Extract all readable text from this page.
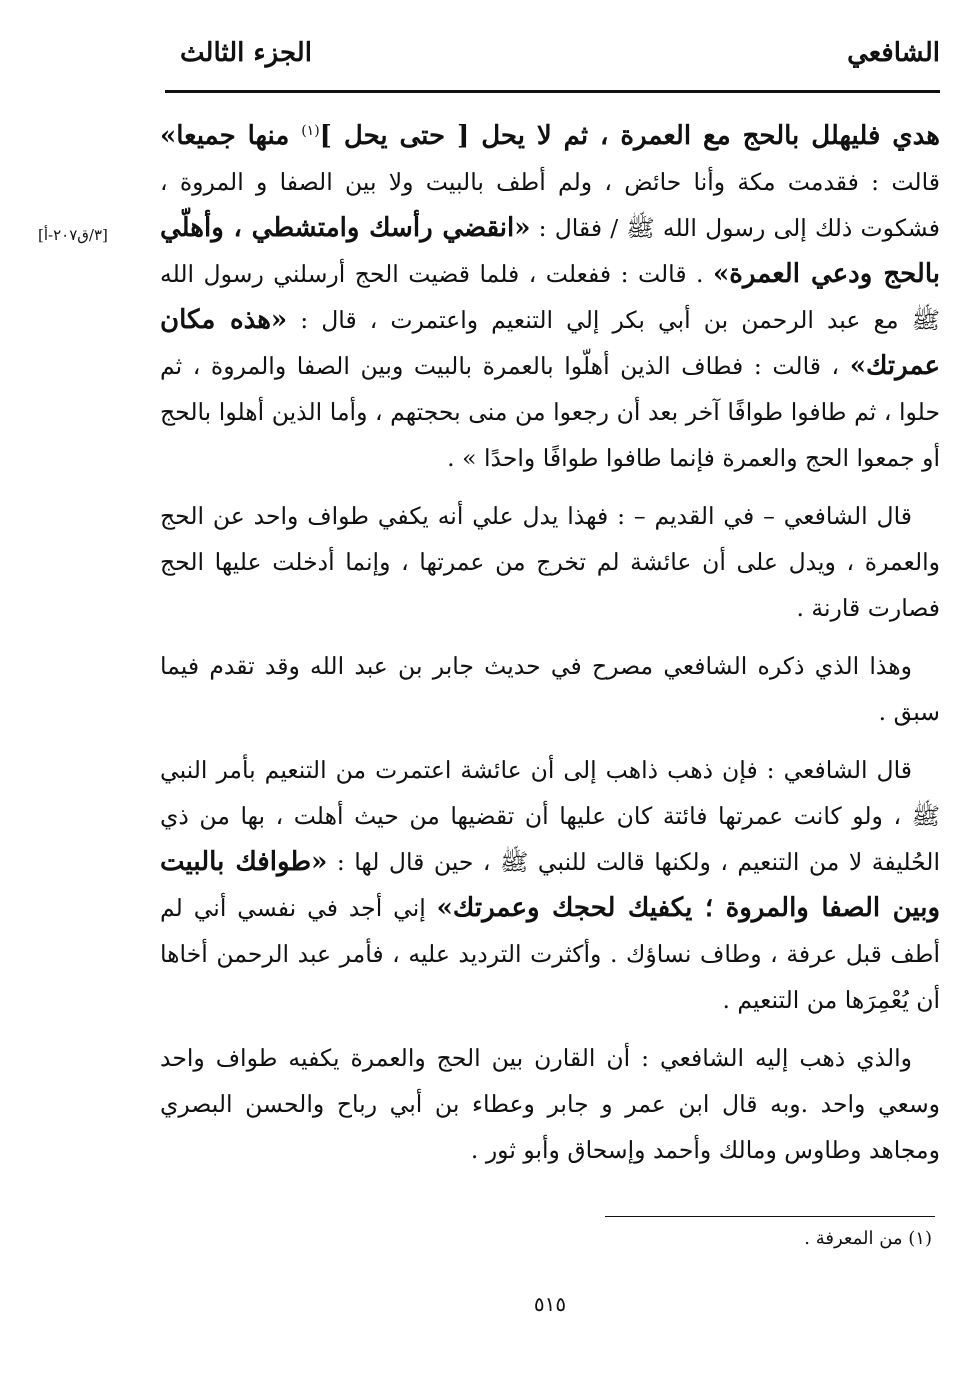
الشافعي
الجزء الثالث
[٣/ق٢٠٧-أ]

هدي فليهلل بالحج مع العمرة ، ثم لا يحل [ حتى يحل ]$^{(١)}$ منها جميعا» قالت : فقدمت مكة وأنا حائض ، ولم أطف بالبيت ولا بين الصفا و المروة ، فشكوت ذلك إلى رسول الله ﷺ / فقال : «انقضي رأسك وامتشطي ، وأهلّي بالحج ودعي العمرة» . قالت : ففعلت ، فلما قضيت الحج أرسلني رسول الله ﷺ مع عبد الرحمن بن أبي بكر إلي التنعيم واعتمرت ، قال : «هذه مكان عمرتك» ، قالت : فطاف الذين أهلّوا بالعمرة بالبيت وبين الصفا والمروة ، ثم حلوا ، ثم طافوا طوافًا آخر بعد أن رجعوا من منى بحجتهم ، وأما الذين أهلوا بالحج أو جمعوا الحج والعمرة فإنما طافوا طوافًا واحدًا » .

قال الشافعي – في القديم – : فهذا يدل علي أنه يكفي طواف واحد عن الحج والعمرة ، ويدل على أن عائشة لم تخرج من عمرتها ، وإنما أدخلت عليها الحج فصارت قارنة .

وهذا الذي ذكره الشافعي مصرح في حديث جابر بن عبد الله وقد تقدم فيما سبق .

قال الشافعي : فإن ذهب ذاهب إلى أن عائشة اعتمرت من التنعيم بأمر النبي ﷺ ، ولو كانت عمرتها فائتة كان عليها أن تقضيها من حيث أهلت ، بها من ذي الحُليفة لا من التنعيم ، ولكنها قالت للنبي ﷺ ، حين قال لها : «طوافك بالبيت وبين الصفا والمروة ؛ يكفيك لحجك وعمرتك» إني أجد في نفسي أني لم أطف قبل عرفة ، وطاف نساؤك . وأكثرت الترديد عليه ، فأمر عبد الرحمن أخاها أن يُعْمِرَها من التنعيم .

والذي ذهب إليه الشافعي : أن القارن بين الحج والعمرة يكفيه طواف واحد وسعي واحد .وبه قال ابن عمر و جابر وعطاء بن أبي رباح والحسن البصري ومجاهد وطاوس ومالك وأحمد وإسحاق وأبو ثور .

(١) من المعرفة .
٥١٥
